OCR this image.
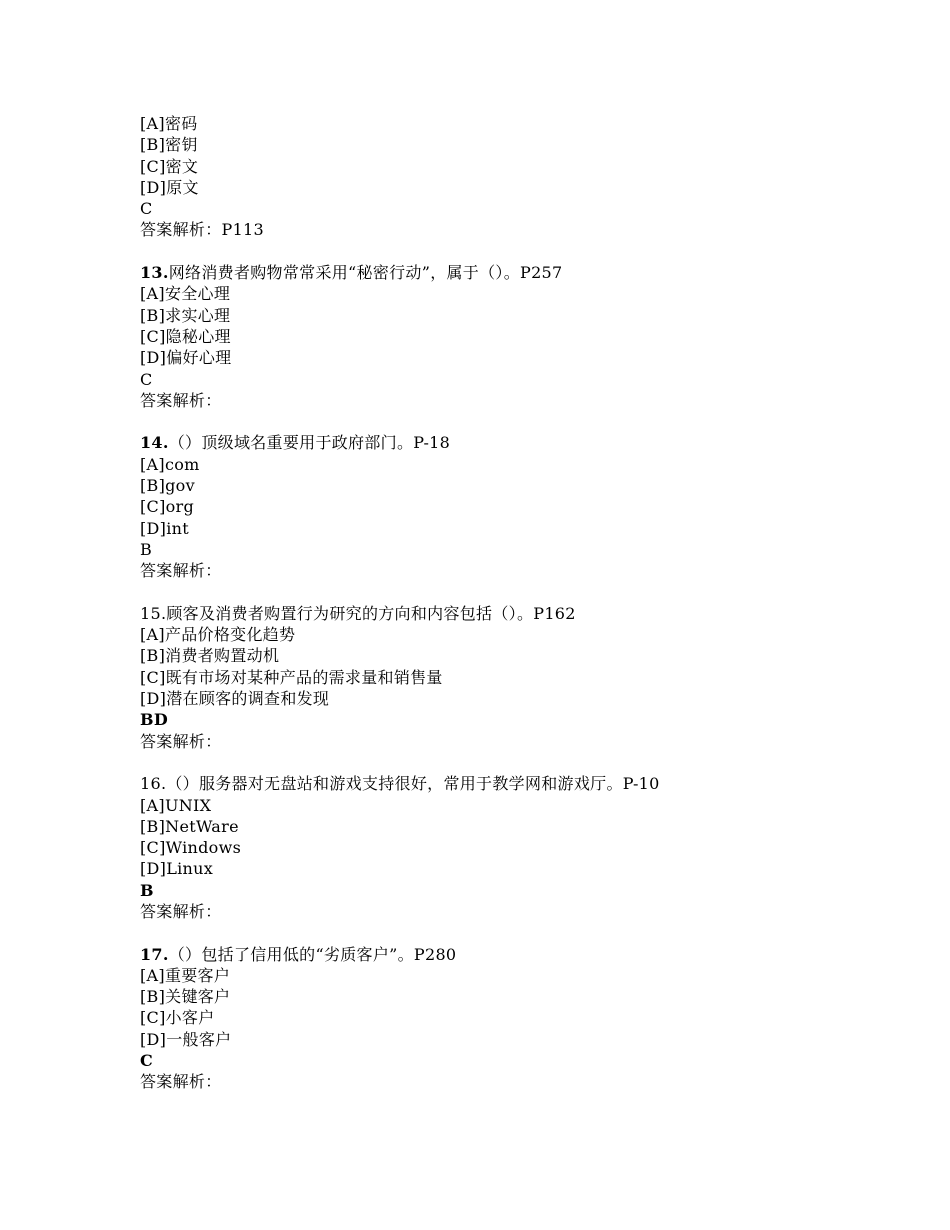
[A]密码
[B]密钥
[C]密文
[D]原文
C
答案解析：P113
13.网络消费者购物常常采用“秘密行动”，属于（）。P257
[A]安全心理
[B]求实心理
[C]隐秘心理
[D]偏好心理
C
答案解析：
14.（）顶级域名重要用于政府部门。P-18
[A]com
[B]gov
[C]org
[D]int
B
答案解析：
15.顾客及消费者购置行为研究的方向和内容包括（）。P162
[A]产品价格变化趋势
[B]消费者购置动机
[C]既有市场对某种产品的需求量和销售量
[D]潜在顾客的调查和发现
BD
答案解析：
16.（）服务器对无盘站和游戏支持很好，常用于教学网和游戏厅。P-10
[A]UNIX
[B]NetWare
[C]Windows
[D]Linux
B
答案解析：
17.（）包括了信用低的“劣质客户”。P280
[A]重要客户
[B]关键客户
[C]小客户
[D]一般客户
C
答案解析：
